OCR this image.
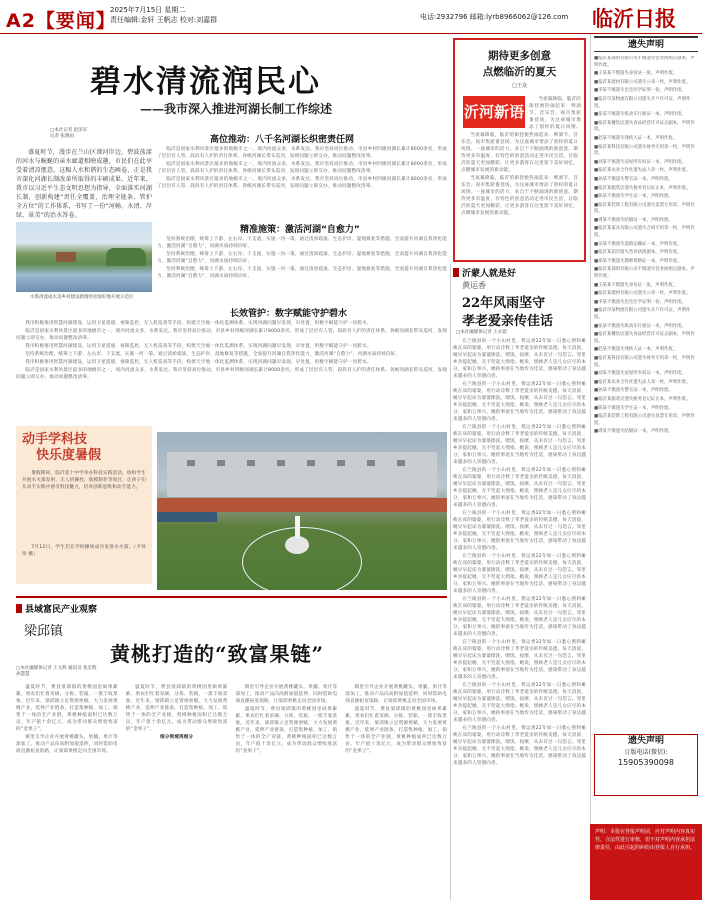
A2【要闻】
2025年7月15日 星期二
责任编辑:金轩 王帆志 校对:刘嘉群	电话:2932796 邮箱:lyrb8966062@126.com 临沂日报
碧水清流润民心
——我市深入推进河湖长制工作综述
□本社记者 赵泽军
记者 张晓雨

盛夏时节，漫步在兰山区涑河岸边，碧波荡漾的河水与蜿蜒的亲水廊道相映成趣，市民们在此享受着清凉惬意。这幅人水和谐的生态画卷，正是我市深化河湖长制改革所取得的丰硕成果。近年来，我市以习近平生态文明思想为指导，全面落实河湖长制，创新构建“责任全覆盖、治理全链条、管护全方位”的工作体系，书写了一份“河畅、水清、岸绿、景美”的治水答卷。

水系清流成水美乡村建设新图经验很好地开展示范区
高位推动：八千名河湖长织密责任网

临沂是国家水利风景区最多的地级市之一，境内河流众多，水系发达。我市坚持高位推动，市县乡村四级河湖长累计8000余名，形成了层层有人管、段段有人护的责任体系。各级河湖长带头巡河，发现问题立即交办，推动问题整改清零。

临沂是国家水利风景区最多的地级市之一，境内河流众多，水系发达。我市坚持高位推动，市县乡村四级河湖长累计8000余名，形成了层层有人管、段段有人护的责任体系。各级河湖长带头巡河，发现问题立即交办，推动问题整改清零。

临沂是国家水利风景区最多的地级市之一，境内河流众多，水系发达。我市坚持高位推动，市县乡村四级河湖长累计8000余名，形成了层层有人管、段段有人护的责任体系。各级河湖长带头巡河，发现问题立即交办，推动问题整改清零。

精准施策：激活河湖“自愈力”

坚持系统治理，统筹上下游、左右岸、干支流，实施一河一策。通过清淤疏浚、生态护岸、湿地修复等措施，全面提升河湖自我净化能力，激活河湖“自愈力”，河湖水质持续向好。

坚持系统治理，统筹上下游、左右岸、干支流，实施一河一策。通过清淤疏浚、生态护岸、湿地修复等措施，全面提升河湖自我净化能力，激活河湖“自愈力”，河湖水质持续向好。

坚持系统治理，统筹上下游、左右岸、干支流，实施一河一策。通过清淤疏浚、生态护岸、湿地修复等措施，全面提升河湖自我净化能力，激活河湖“自愈力”，河湖水质持续向好。

长效管护：数字赋能守护碧水

我市积极推进智慧河湖建设，运用卫星遥感、视频监控、无人机巡查等手段，构建天空地一体化监测体系，实现河湖问题早发现、早处置，用数字赋能守护一河碧水。

临沂是国家水利风景区最多的地级市之一，境内河流众多，水系发达。我市坚持高位推动，市县乡村四级河湖长累计8000余名，形成了层层有人管、段段有人护的责任体系。各级河湖长带头巡河，发现问题立即交办，推动问题整改清零。

我市积极推进智慧河湖建设，运用卫星遥感、视频监控、无人机巡查等手段，构建天空地一体化监测体系，实现河湖问题早发现、早处置，用数字赋能守护一河碧水。

坚持系统治理，统筹上下游、左右岸、干支流，实施一河一策。通过清淤疏浚、生态护岸、湿地修复等措施，全面提升河湖自我净化能力，激活河湖“自愈力”，河湖水质持续向好。

我市积极推进智慧河湖建设，运用卫星遥感、视频监控、无人机巡查等手段，构建天空地一体化监测体系，实现河湖问题早发现、早处置，用数字赋能守护一河碧水。

临沂是国家水利风景区最多的地级市之一，境内河流众多，水系发达。我市坚持高位推动，市县乡村四级河湖长累计8000余名，形成了层层有人管、段段有人护的责任体系。各级河湖长带头巡河，发现问题立即交办，推动问题整改清零。

期待更多创意
点燃临沂的夏天
□王众
沂河新语

当夜幕降临，临沂的街巷便热闹起来：啤酒节、音乐会、夜市集轮番登场，为这座城市增添了别样的夏日风情。

当夜幕降临，临沂的街巷便热闹起来：啤酒节、音乐会、夜市集轮番登场，为这座城市增添了别样的夏日风情。一座城市的活力，来自于不断涌现的新创意。期待更多有温度、有特色的创意活动走进市民生活，让临沂的夏天更加精彩，让更多游客在这里留下美好回忆，点燃城市发展的新动能。

当夜幕降临，临沂的街巷便热闹起来：啤酒节、音乐会、夜市集轮番登场，为这座城市增添了别样的夏日风情。一座城市的活力，来自于不断涌现的新创意。期待更多有温度、有特色的创意活动走进市民生活，让临沂的夏天更加精彩，让更多游客在这里留下美好回忆，点燃城市发展的新动能。

沂蒙人就是好
黄运香
22年风雨坚守
孝老爱亲传佳话
□本社融媒体记者 王永超

在兰陵县的一个小山村里，黄运香22年如一日悉心照料瘫痪在床的婆婆，用行动诠释了孝老爱亲的传统美德。每天清晨，她早早起床为婆婆擦洗、喂饭、按摩，从未有过一句怨言。邻里乡亲提起她，无不竖起大拇指。她说，照顾老人是儿女应尽的本分，家和万事兴。她的事迹在当地传为佳话，感染带动了身边越来越多的人崇德向善。

在兰陵县的一个小山村里，黄运香22年如一日悉心照料瘫痪在床的婆婆，用行动诠释了孝老爱亲的传统美德。每天清晨，她早早起床为婆婆擦洗、喂饭、按摩，从未有过一句怨言。邻里乡亲提起她，无不竖起大拇指。她说，照顾老人是儿女应尽的本分，家和万事兴。她的事迹在当地传为佳话，感染带动了身边越来越多的人崇德向善。

在兰陵县的一个小山村里，黄运香22年如一日悉心照料瘫痪在床的婆婆，用行动诠释了孝老爱亲的传统美德。每天清晨，她早早起床为婆婆擦洗、喂饭、按摩，从未有过一句怨言。邻里乡亲提起她，无不竖起大拇指。她说，照顾老人是儿女应尽的本分，家和万事兴。她的事迹在当地传为佳话，感染带动了身边越来越多的人崇德向善。

在兰陵县的一个小山村里，黄运香22年如一日悉心照料瘫痪在床的婆婆，用行动诠释了孝老爱亲的传统美德。每天清晨，她早早起床为婆婆擦洗、喂饭、按摩，从未有过一句怨言。邻里乡亲提起她，无不竖起大拇指。她说，照顾老人是儿女应尽的本分，家和万事兴。她的事迹在当地传为佳话，感染带动了身边越来越多的人崇德向善。

在兰陵县的一个小山村里，黄运香22年如一日悉心照料瘫痪在床的婆婆，用行动诠释了孝老爱亲的传统美德。每天清晨，她早早起床为婆婆擦洗、喂饭、按摩，从未有过一句怨言。邻里乡亲提起她，无不竖起大拇指。她说，照顾老人是儿女应尽的本分，家和万事兴。她的事迹在当地传为佳话，感染带动了身边越来越多的人崇德向善。

在兰陵县的一个小山村里，黄运香22年如一日悉心照料瘫痪在床的婆婆，用行动诠释了孝老爱亲的传统美德。每天清晨，她早早起床为婆婆擦洗、喂饭、按摩，从未有过一句怨言。邻里乡亲提起她，无不竖起大拇指。她说，照顾老人是儿女应尽的本分，家和万事兴。她的事迹在当地传为佳话，感染带动了身边越来越多的人崇德向善。

在兰陵县的一个小山村里，黄运香22年如一日悉心照料瘫痪在床的婆婆，用行动诠释了孝老爱亲的传统美德。每天清晨，她早早起床为婆婆擦洗、喂饭、按摩，从未有过一句怨言。邻里乡亲提起她，无不竖起大拇指。她说，照顾老人是儿女应尽的本分，家和万事兴。她的事迹在当地传为佳话，感染带动了身边越来越多的人崇德向善。

在兰陵县的一个小山村里，黄运香22年如一日悉心照料瘫痪在床的婆婆，用行动诠释了孝老爱亲的传统美德。每天清晨，她早早起床为婆婆擦洗、喂饭、按摩，从未有过一句怨言。邻里乡亲提起她，无不竖起大拇指。她说，照顾老人是儿女应尽的本分，家和万事兴。她的事迹在当地传为佳话，感染带动了身边越来越多的人崇德向善。

在兰陵县的一个小山村里，黄运香22年如一日悉心照料瘫痪在床的婆婆，用行动诠释了孝老爱亲的传统美德。每天清晨，她早早起床为婆婆擦洗、喂饭、按摩，从未有过一句怨言。邻里乡亲提起她，无不竖起大拇指。她说，照顾老人是儿女应尽的本分，家和万事兴。她的事迹在当地传为佳话，感染带动了身边越来越多的人崇德向善。

在兰陵县的一个小山村里，黄运香22年如一日悉心照料瘫痪在床的婆婆，用行动诠释了孝老爱亲的传统美德。每天清晨，她早早起床为婆婆擦洗、喂饭、按摩，从未有过一句怨言。邻里乡亲提起她，无不竖起大拇指。她说，照顾老人是儿女应尽的本分，家和万事兴。她的事迹在当地传为佳话，感染带动了身边越来越多的人崇德向善。

动手学科技
快乐度暑假

暑假期间，临沂第十中学举办科技实践活动，组织学生开展水火箭发射、无人机操控、航模制作等项目，让孩子们在动手实践中感受科技魅力，培养创新思维和动手能力。

7月12日，学生们在学校操场成功发射水火箭。（尹珍珍 摄）

县域富民产业观察
梁邱镇
黄桃打造的“致富果链”
□本社融媒体记者 王文辉 通讯员 张宏辉 孙慧慧

盛夏时节，费县梁邱镇的黄桃园里硕果累累，果农们忙着采摘、分拣、装箱，一派丰收景象。近年来，梁邱镇立足资源禀赋，大力发展黄桃产业，延伸产业链条，打造集种植、加工、销售于一体的全产业链，黄桃种植面积已达数万亩，年产值十余亿元，成为带动群众增收致富的“金果子”。

镇里引导企业开展黄桃罐头、果脯、果汁等深加工，推动产品向高附加值延伸，同时借助电商直播拓宽销路，让梁邱黄桃走向全国市场。

盛夏时节，费县梁邱镇的黄桃园里硕果累累，果农们忙着采摘、分拣、装箱，一派丰收景象。近年来，梁邱镇立足资源禀赋，大力发展黄桃产业，延伸产业链条，打造集种植、加工、销售于一体的全产业链，黄桃种植面积已达数万亩，年产值十余亿元，成为带动群众增收致富的“金果子”。

细分领域再细分

镇里引导企业开展黄桃罐头、果脯、果汁等深加工，推动产品向高附加值延伸，同时借助电商直播拓宽销路，让梁邱黄桃走向全国市场。

盛夏时节，费县梁邱镇的黄桃园里硕果累累，果农们忙着采摘、分拣、装箱，一派丰收景象。近年来，梁邱镇立足资源禀赋，大力发展黄桃产业，延伸产业链条，打造集种植、加工、销售于一体的全产业链，黄桃种植面积已达数万亩，年产值十余亿元，成为带动群众增收致富的“金果子”。

镇里引导企业开展黄桃罐头、果脯、果汁等深加工，推动产品向高附加值延伸，同时借助电商直播拓宽销路，让梁邱黄桃走向全国市场。

盛夏时节，费县梁邱镇的黄桃园里硕果累累，果农们忙着采摘、分拣、装箱，一派丰收景象。近年来，梁邱镇立足资源禀赋，大力发展黄桃产业，延伸产业链条，打造集种植、加工、销售于一体的全产业链，黄桃种植面积已达数万亩，年产值十余亿元，成为带动群众增收致富的“金果子”。

遗失声明

■临沂某商贸有限公司不慎遗失营业执照正副本，声明作废。

■王某某不慎遗失身份证一张，声明作废。

■临沂某建材有限公司遗失公章一枚，声明作废。

■李某不慎遗失出生医学证明一份，声明作废。

■临沂市某物流有限公司遗失开户许可证，声明作废。

■张某不慎遗失机动车行驶证一本，声明作废。

■临沂某餐饮店遗失食品经营许可证正副本，声明作废。

■赵某不慎遗失残疾人证一本，声明作废。

■临沂某科技有限公司遗失财务专用章一枚，声明作废。

■刘某不慎遗失房屋所有权证一本，声明作废。

■临沂某农业合作社遗失法人章一枚，声明作废。

■孙某不慎遗失警官证一本，声明作废。

■临沂某服装店遗失税务登记证正本，声明作废。

■陈某不慎遗失学生证一本，声明作废。

■临沂某装饰工程有限公司遗失发票专用章，声明作废。

■周某不慎遗失结婚证一本，声明作废。

■临沂某家具有限公司遗失合同专用章一枚，声明作废。

■吴某不慎遗失道路运输证一本，声明作废。

■临沂某超市遗失营业执照副本，声明作废。

■郑某不慎遗失教师资格证一本，声明作废。

■临沂某商贸有限公司不慎遗失营业执照正副本，声明作废。

■王某某不慎遗失身份证一张，声明作废。

■临沂某建材有限公司遗失公章一枚，声明作废。

■李某不慎遗失出生医学证明一份，声明作废。

■临沂市某物流有限公司遗失开户许可证，声明作废。

■张某不慎遗失机动车行驶证一本，声明作废。

■临沂某餐饮店遗失食品经营许可证正副本，声明作废。

■赵某不慎遗失残疾人证一本，声明作废。

■临沂某科技有限公司遗失财务专用章一枚，声明作废。

■刘某不慎遗失房屋所有权证一本，声明作废。

■临沂某农业合作社遗失法人章一枚，声明作废。

■孙某不慎遗失警官证一本，声明作废。

■临沂某服装店遗失税务登记证正本，声明作废。

■陈某不慎遗失学生证一本，声明作废。

■临沂某装饰工程有限公司遗失发票专用章，声明作废。

■周某不慎遗失结婚证一本，声明作废。

遗失声明
订版电话(微信):
15905390098
声明：本报在登报声明前，应对声明内容真实性、合法性进行审核，但不对声明内容承担法律责任，由此引起的纠纷由登报人自行承担。
